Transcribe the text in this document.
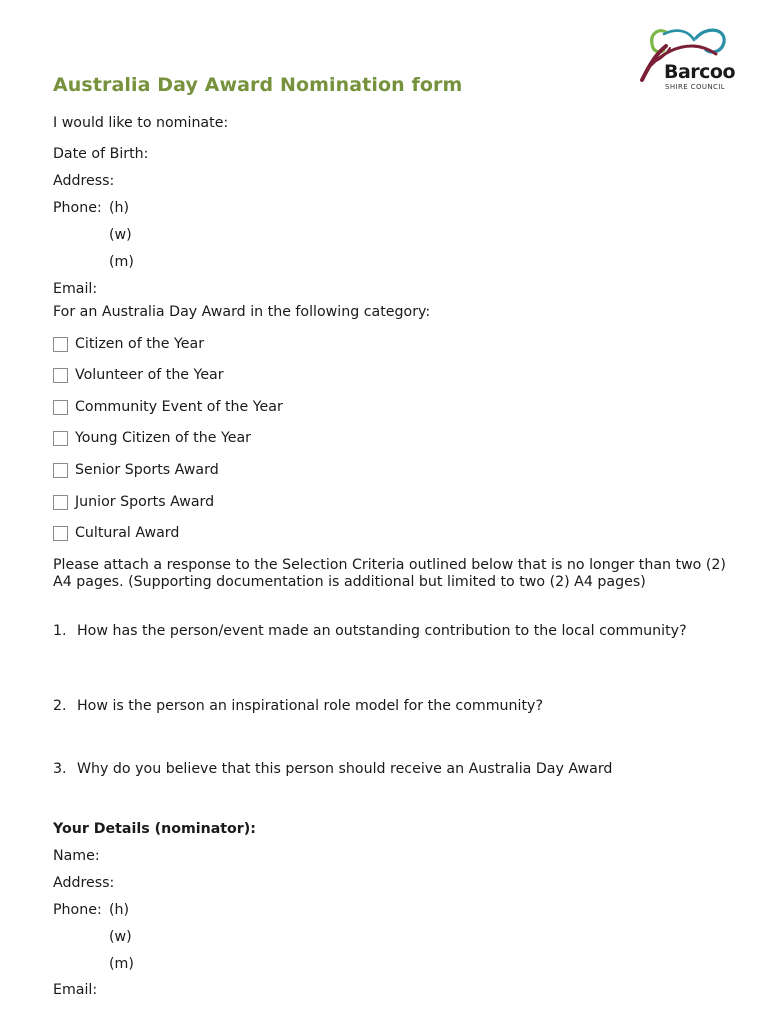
Australia Day Award Nomination form
Barcoo
SHIRE COUNCIL
I would like to nominate:
Date of Birth:
Address:
Phone: (h)
(w)
(m)
Email:
For an Australia Day Award in the following category:
Citizen of the Year
Volunteer of the Year
Community Event of the Year
Young Citizen of the Year
Senior Sports Award
Junior Sports Award
Cultural Award
Please attach a response to the Selection Criteria outlined below that is no longer than two (2) A4 pages. (Supporting documentation is additional but limited to two (2) A4 pages)
1. How has the person/event made an outstanding contribution to the local community?
2. How is the person an inspirational role model for the community?
3. Why do you believe that this person should receive an Australia Day Award
Your Details (nominator):
Name:
Address:
Phone: (h)
(w)
(m)
Email:
